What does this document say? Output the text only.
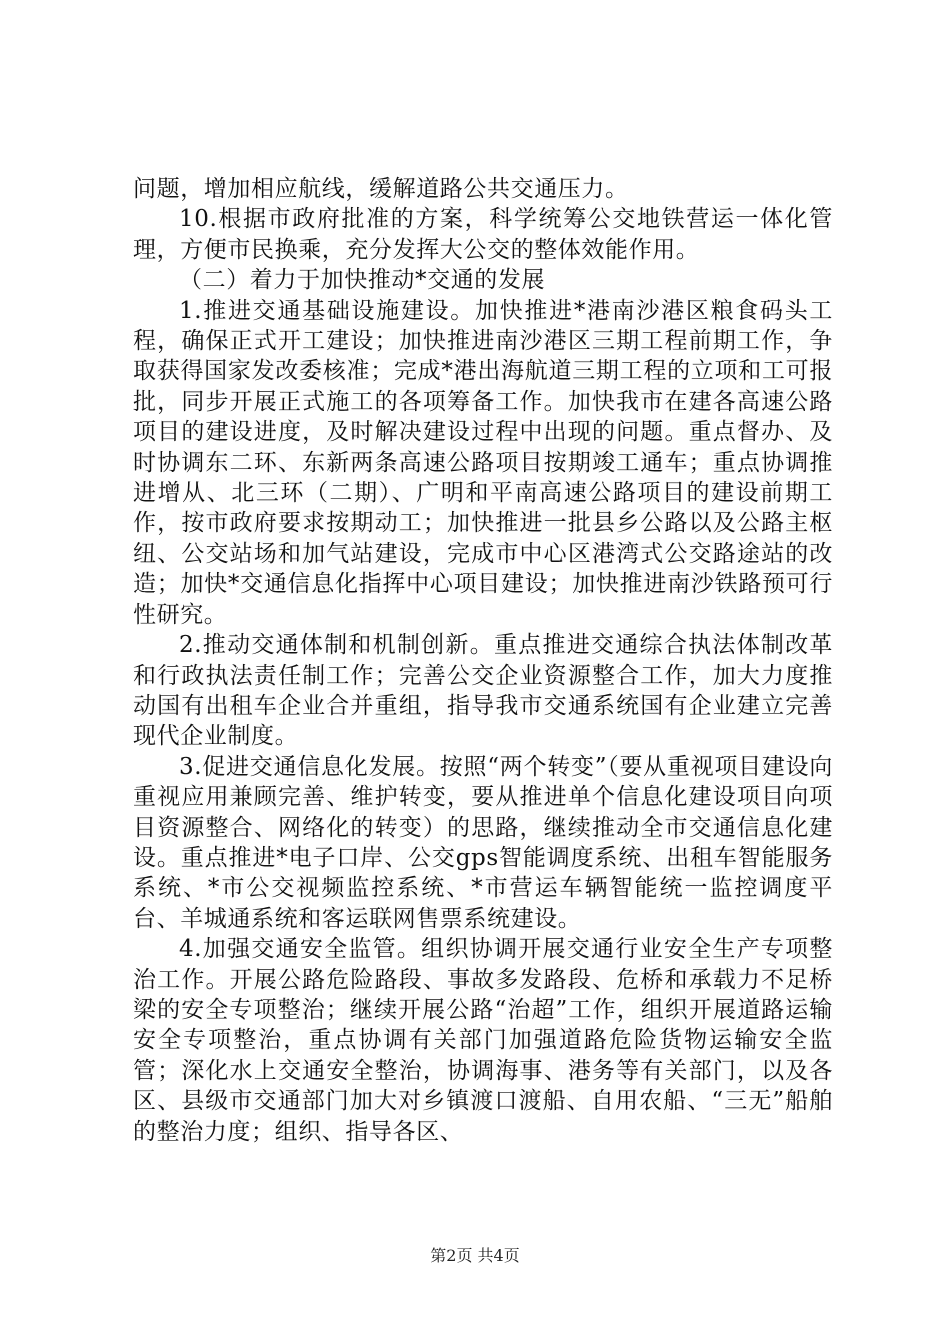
问题，增加相应航线，缓解道路公共交通压力。

10.根据市政府批准的方案，科学统筹公交地铁营运一体化管理，方便市民换乘，充分发挥大公交的整体效能作用。

（二）着力于加快推动*交通的发展

1.推进交通基础设施建设。加快推进*港南沙港区粮食码头工程，确保正式开工建设；加快推进南沙港区三期工程前期工作，争取获得国家发改委核准；完成*港出海航道三期工程的立项和工可报批，同步开展正式施工的各项筹备工作。加快我市在建各高速公路项目的建设进度，及时解决建设过程中出现的问题。重点督办、及时协调东二环、东新两条高速公路项目按期竣工通车；重点协调推进增从、北三环（二期）、广明和平南高速公路项目的建设前期工作，按市政府要求按期动工；加快推进一批县乡公路以及公路主枢纽、公交站场和加气站建设，完成市中心区港湾式公交路途站的改造；加快*交通信息化指挥中心项目建设；加快推进南沙铁路预可行性研究。

2.推动交通体制和机制创新。重点推进交通综合执法体制改革和行政执法责任制工作；完善公交企业资源整合工作，加大力度推动国有出租车企业合并重组，指导我市交通系统国有企业建立完善现代企业制度。

3.促进交通信息化发展。按照“两个转变”（要从重视项目建设向重视应用兼顾完善、维护转变，要从推进单个信息化建设项目向项目资源整合、网络化的转变）的思路，继续推动全市交通信息化建设。重点推进*电子口岸、公交gps智能调度系统、出租车智能服务系统、*市公交视频监控系统、*市营运车辆智能统一监控调度平台、羊城通系统和客运联网售票系统建设。

4.加强交通安全监管。组织协调开展交通行业安全生产专项整治工作。开展公路危险路段、事故多发路段、危桥和承载力不足桥梁的安全专项整治；继续开展公路“治超”工作，组织开展道路运输安全专项整治，重点协调有关部门加强道路危险货物运输安全监管；深化水上交通安全整治，协调海事、港务等有关部门，以及各区、县级市交通部门加大对乡镇渡口渡船、自用农船、“三无”船舶的整治力度；组织、指导各区、

第2页 共4页
